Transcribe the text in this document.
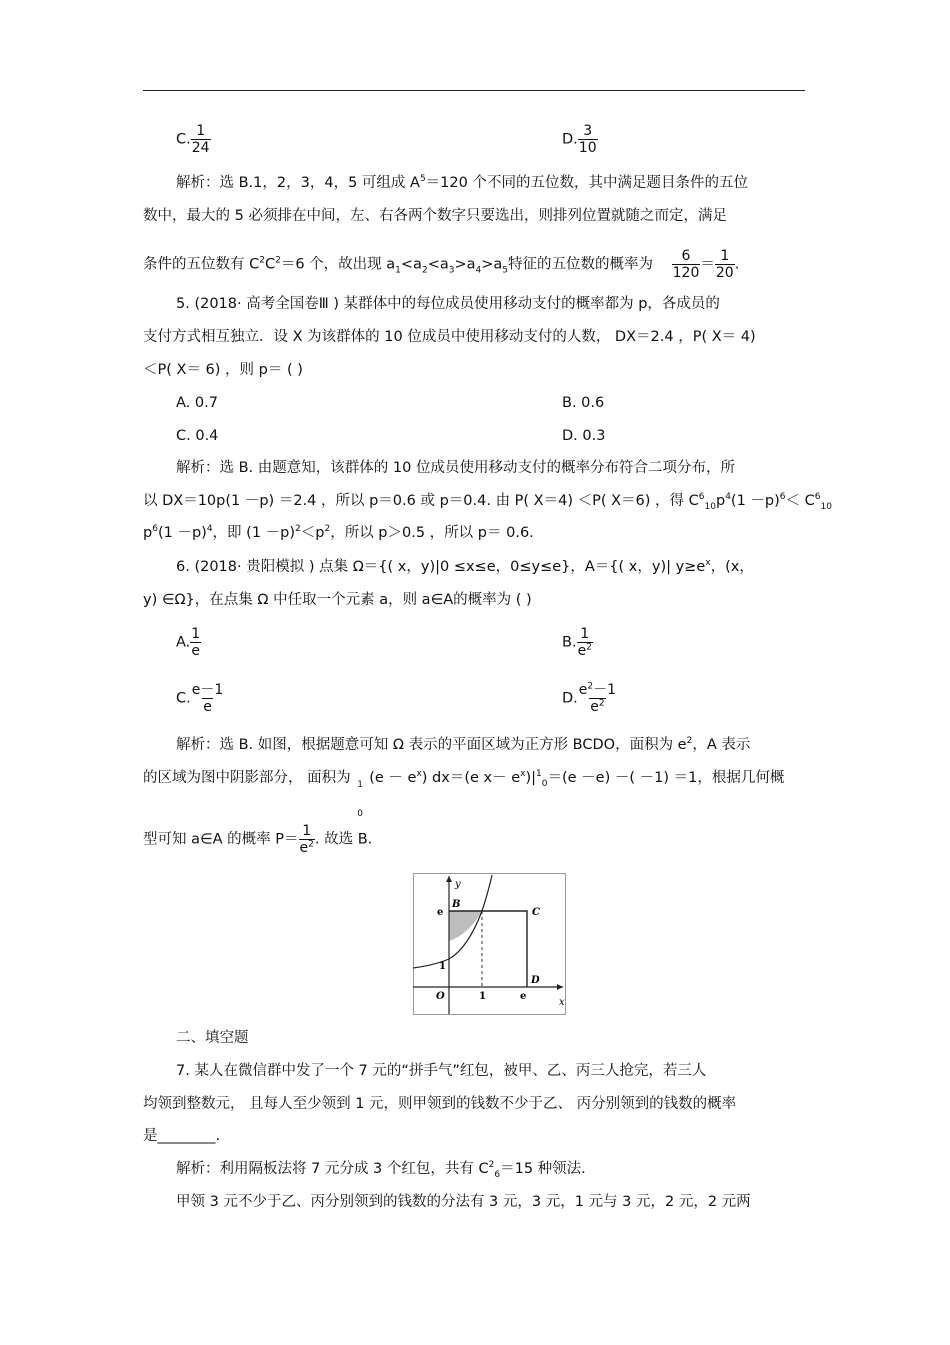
C. $\frac{1}{24}$	D. $\frac{3}{10}$
解析：选 B.1，2，3，4，5 可组成 $A^5=120$ 个不同的五位数，其中满足题目条件的五位
数中，最大的 5 必须排在中间，左、右各两个数字只要选出，则排列位置就随之而定，满足
条件的五位数有 $C^2C^2=6$ 个，故出现 $a_1<a_2<a_3>a_4>a_5$特征的五位数的概率为 $\frac{6}{120} = \frac{1}{20}$ .
5. (2018· 高考全国卷Ⅲ ) 某群体中的每位成员使用移动支付的概率都为 p，各成员的
支付方式相互独立．设 X 为该群体的 10 位成员中使用移动支付的人数， DX＝2.4 ，P( X＝ 4)
＜P( X＝ 6) ，则 p＝ ( )
A. 0.7	B. 0.6
C. 0.4	D. 0.3
解析：选 B. 由题意知，该群体的 10 位成员使用移动支付的概率分布符合二项分布，所
以 DX＝10p(1 －p) ＝2.4 ，所以 p＝0.6 或 p＝0.4. 由 P( X＝4) ＜P( X＝6) ，得 $C^6_{10}p^4(1 -p)^6< C^6_{10}$
$p^6(1 -p)^4$，即 $(1 -p)^2<p^2$，所以 p＞0.5 ，所以 p＝ 0.6.
6. (2018· 贵阳模拟 ) 点集 Ω＝{( x，y)|0 ≤x≤e，0≤y≤e}，A＝{( x，y)| $y\ge e^x$，(x，
y) ∈Ω}，在点集 Ω 中任取一个元素 a，则 a∈A的概率为 ( )
A. $\frac{1}{e}$	B. $\frac{1}{e^2}$
C. $\frac{e-1}{e}$	D. $\frac{e^2-1}{e^2}$
解析：选 B. 如图，根据题意可知 Ω 表示的平面区域为正方形 BCDO，面积为 $e^2$，A 表示
的区域为图中阴影部分， 面积为 1
0
$(e - e^x)$ dx＝(e $x- e^x)|^1_0=(e -e)$ －( －1) ＝1，根据几何概
型可知 a∈A 的概率 $P= \frac{1}{e^2}$ . 故选 B.
y
x
e
1
O	1	e
B
C
D
二、填空题
7. 某人在微信群中发了一个 7 元的“拼手气”红包，被甲、乙、丙三人抢完，若三人
均领到整数元， 且每人至少领到 1 元，则甲领到的钱数不少于乙、 丙分别领到的钱数的概率
是________.
解析：利用隔板法将 7 元分成 3 个红包，共有 $C^2_6=15$ 种领法.
甲领 3 元不少于乙、丙分别领到的钱数的分法有 3 元，3 元，1 元与 3 元，2 元，2 元两
